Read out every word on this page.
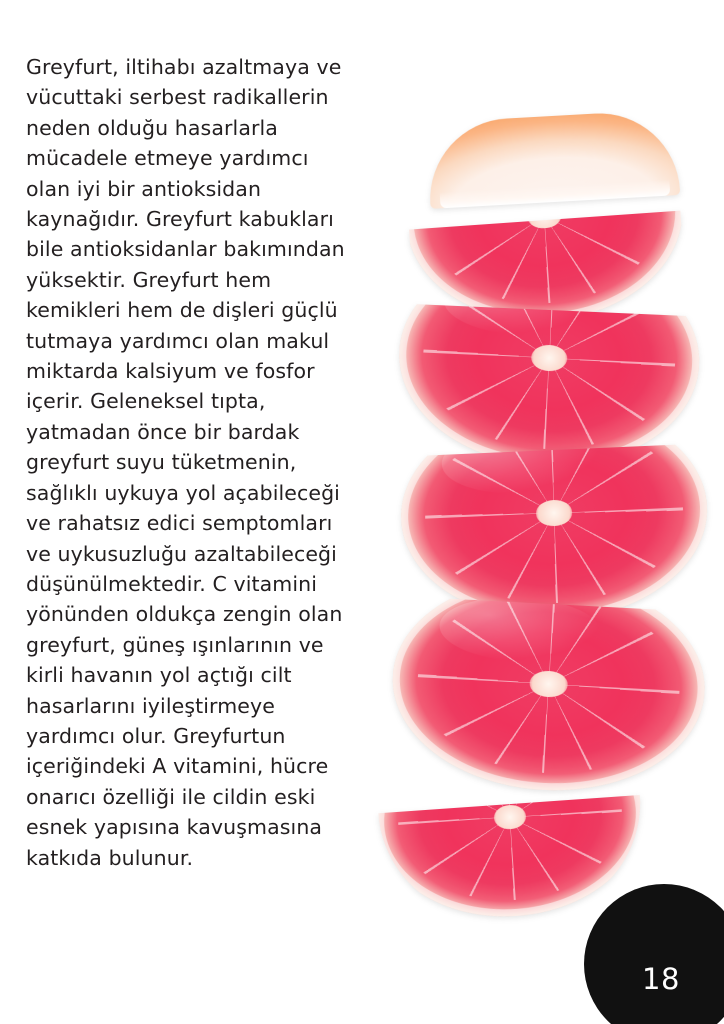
Greyfurt, iltihabı azaltmaya ve vücuttaki serbest radikallerin neden olduğu hasarlarla mücadele etmeye yardımcı olan iyi bir antioksidan kaynağıdır. Greyfurt kabukları bile antioksidanlar bakımından yüksektir. Greyfurt hem kemikleri hem de dişleri güçlü tutmaya yardımcı olan makul miktarda kalsiyum ve fosfor içerir. Geleneksel tıpta, yatmadan önce bir bardak greyfurt suyu tüketmenin, sağlıklı uykuya yol açabileceği ve rahatsız edici semptomları ve uykusuzluğu azaltabileceği düşünülmektedir. C vitamini yönünden oldukça zengin olan greyfurt, güneş ışınlarının ve kirli havanın yol açtığı cilt hasarlarını iyileştirmeye yardımcı olur. Greyfurtun içeriğindeki A vitamini, hücre onarıcı özelliği ile cildin eski esnek yapısına kavuşmasına katkıda bulunur.
18
